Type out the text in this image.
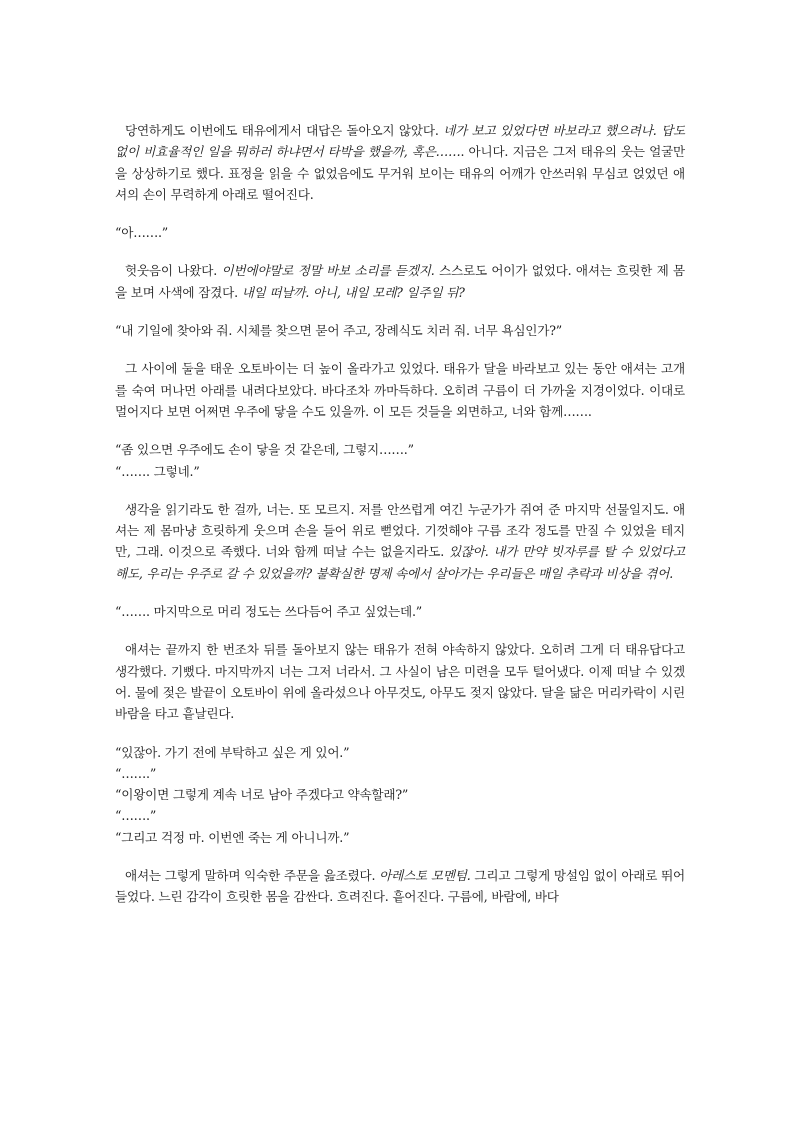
당연하게도 이번에도 태유에게서 대답은 돌아오지 않았다. 네가 보고 있었다면 바보라고 했으려나. 답도 없이 비효율적인 일을 뭐하러 하냐면서 타박을 했을까, 혹은……. 아니다. 지금은 그저 태유의 웃는 얼굴만을 상상하기로 했다. 표정을 읽을 수 없었음에도 무거워 보이는 태유의 어깨가 안쓰러워 무심코 얹었던 애셔의 손이 무력하게 아래로 떨어진다.

“아…….”

헛웃음이 나왔다. 이번에야말로 정말 바보 소리를 듣겠지. 스스로도 어이가 없었다. 애셔는 흐릿한 제 몸을 보며 사색에 잠겼다. 내일 떠날까. 아니, 내일 모레? 일주일 뒤?

“내 기일에 찾아와 줘. 시체를 찾으면 묻어 주고, 장례식도 치러 줘. 너무 욕심인가?”

그 사이에 둘을 태운 오토바이는 더 높이 올라가고 있었다. 태유가 달을 바라보고 있는 동안 애셔는 고개를 숙여 머나먼 아래를 내려다보았다. 바다조차 까마득하다. 오히려 구름이 더 가까울 지경이었다. 이대로 멀어지다 보면 어쩌면 우주에 닿을 수도 있을까. 이 모든 것들을 외면하고, 너와 함께…….

“좀 있으면 우주에도 손이 닿을 것 같은데, 그렇지…….”

“……. 그렇네.”

생각을 읽기라도 한 걸까, 너는. 또 모르지. 저를 안쓰럽게 여긴 누군가가 쥐여 준 마지막 선물일지도. 애셔는 제 몸마냥 흐릿하게 웃으며 손을 들어 위로 뻗었다. 기껏해야 구름 조각 정도를 만질 수 있었을 테지만, 그래. 이것으로 족했다. 너와 함께 떠날 수는 없을지라도. 있잖아. 내가 만약 빗자루를 탈 수 있었다고 해도, 우리는 우주로 갈 수 있었을까? 불확실한 명제 속에서 살아가는 우리들은 매일 추락과 비상을 겪어.

“……. 마지막으로 머리 정도는 쓰다듬어 주고 싶었는데.”

애셔는 끝까지 한 번조차 뒤를 돌아보지 않는 태유가 전혀 야속하지 않았다. 오히려 그게 더 태유답다고 생각했다. 기뻤다. 마지막까지 너는 그저 너라서. 그 사실이 남은 미련을 모두 털어냈다. 이제 떠날 수 있겠어. 물에 젖은 발끝이 오토바이 위에 올라섰으나 아무것도, 아무도 젖지 않았다. 달을 닮은 머리카락이 시린 바람을 타고 흩날린다.

“있잖아. 가기 전에 부탁하고 싶은 게 있어.”

“…….”

“이왕이면 그렇게 계속 너로 남아 주겠다고 약속할래?”

“…….”

“그리고 걱정 마. 이번엔 죽는 게 아니니까.”

애셔는 그렇게 말하며 익숙한 주문을 읊조렸다. 아레스토 모멘텀. 그리고 그렇게 망설임 없이 아래로 뛰어들었다. 느린 감각이 흐릿한 몸을 감싼다. 흐려진다. 흩어진다. 구름에, 바람에, 바다
